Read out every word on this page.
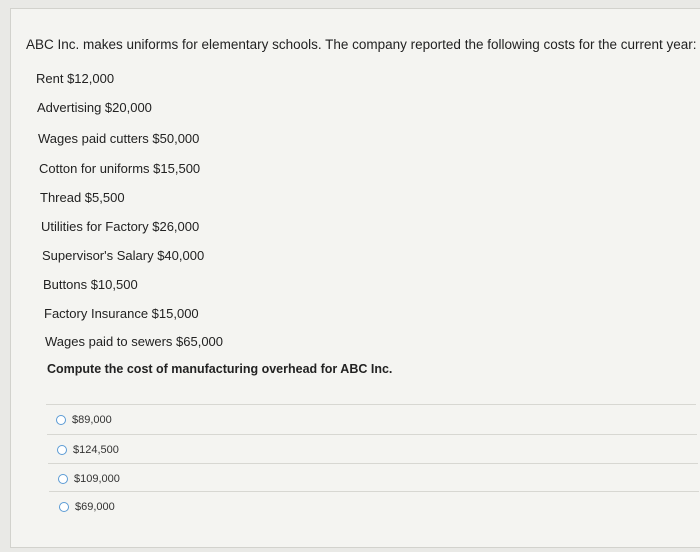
ABC Inc. makes uniforms for elementary schools. The company reported the following costs for the current year:

Rent $12,000

Advertising $20,000

Wages paid cutters $50,000

Cotton for uniforms $15,500

Thread $5,500

Utilities for Factory $26,000

Supervisor's Salary $40,000

Buttons $10,500

Factory Insurance $15,000

Wages paid to sewers $65,000

Compute the cost of manufacturing overhead for ABC Inc.

$89,000
$124,500
$109,000
$69,000
